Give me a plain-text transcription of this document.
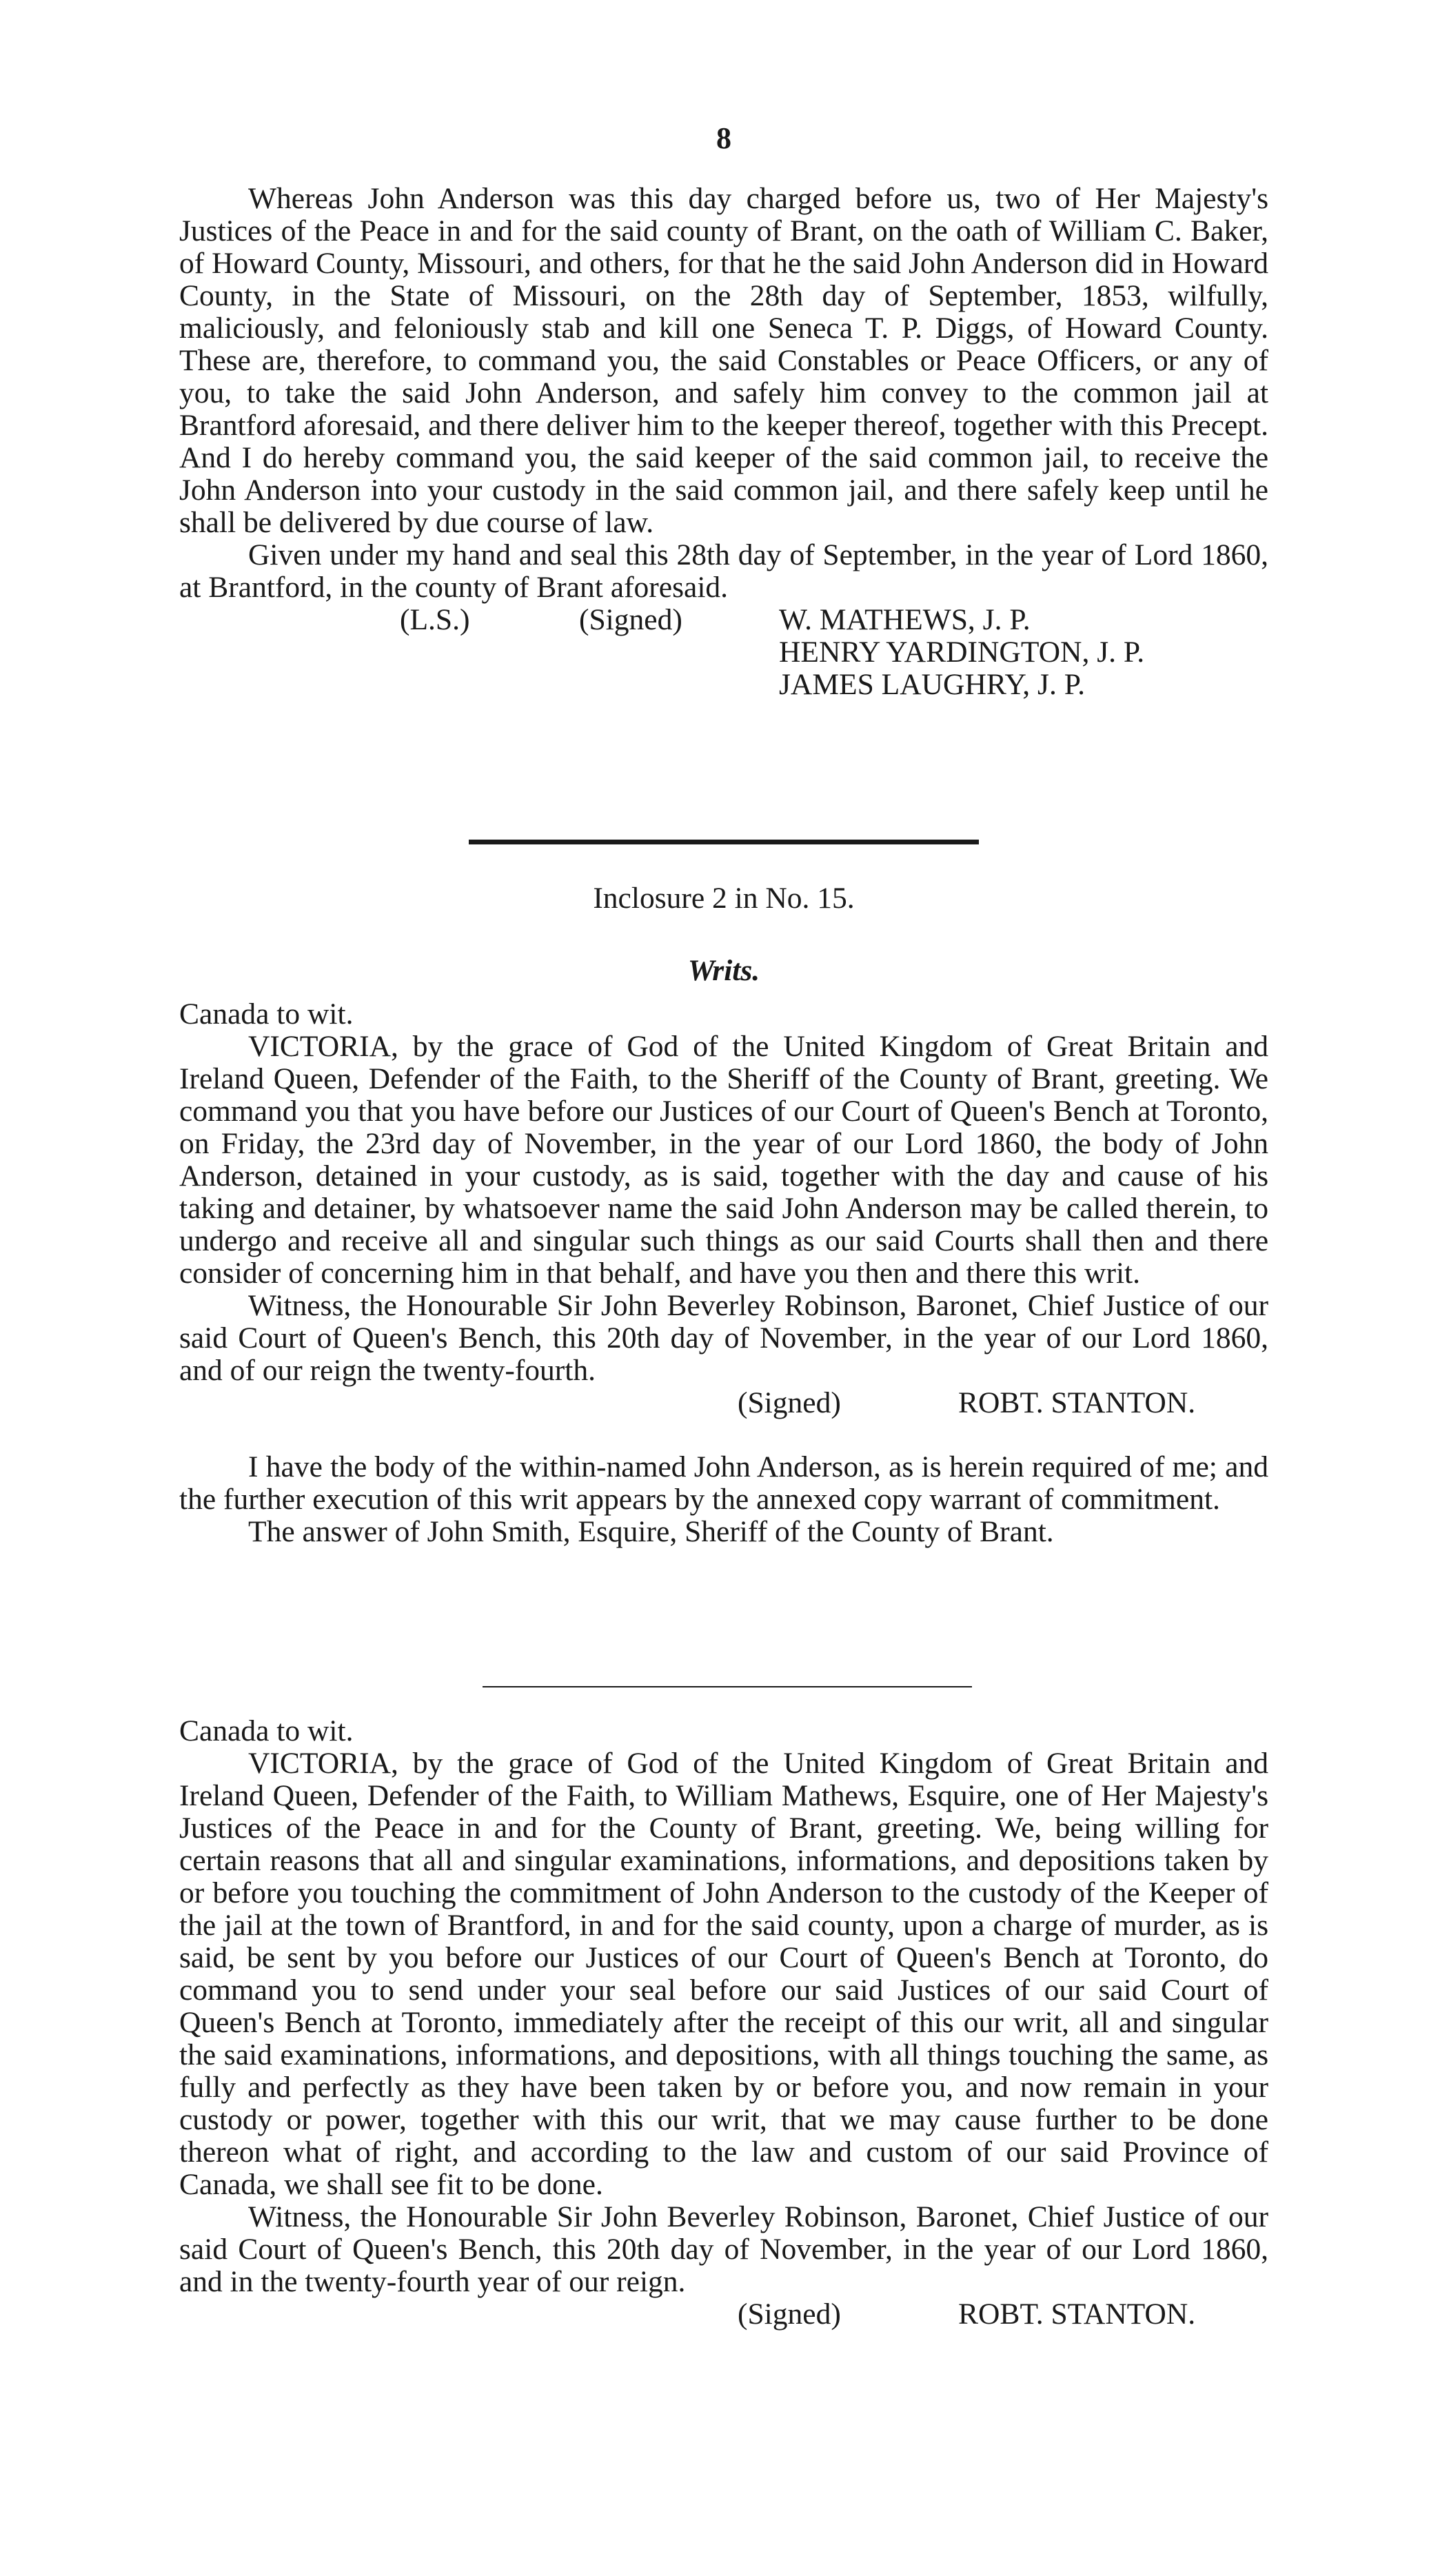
8

Whereas John Anderson was this day charged before us, two of Her Majesty's Justices of the Peace in and for the said county of Brant, on the oath of William C. Baker, of Howard County, Missouri, and others, for that he the said John Anderson did in Howard County, in the State of Missouri, on the 28th day of September, 1853, wilfully, maliciously, and feloniously stab and kill one Seneca T. P. Diggs, of Howard County. These are, therefore, to command you, the said Constables or Peace Officers, or any of you, to take the said John Anderson, and safely him convey to the common jail at Brantford aforesaid, and there deliver him to the keeper thereof, together with this Precept. And I do hereby command you, the said keeper of the said common jail, to receive the John Anderson into your custody in the said common jail, and there safely keep until he shall be delivered by due course of law.

Given under my hand and seal this 28th day of September, in the year of Lord 1860, at Brantford, in the county of Brant aforesaid.

(L.S.)	(Signed)	W. MATHEWS, J. P.
HENRY YARDINGTON, J. P.
JAMES LAUGHRY, J. P.
Inclosure 2 in No. 15.
Writs.

Canada to wit.

VICTORIA, by the grace of God of the United Kingdom of Great Britain and Ireland Queen, Defender of the Faith, to the Sheriff of the County of Brant, greeting. We command you that you have before our Justices of our Court of Queen's Bench at Toronto, on Friday, the 23rd day of November, in the year of our Lord 1860, the body of John Anderson, detained in your custody, as is said, together with the day and cause of his taking and detainer, by whatsoever name the said John Anderson may be called therein, to undergo and receive all and singular such things as our said Courts shall then and there consider of concerning him in that behalf, and have you then and there this writ.

Witness, the Honourable Sir John Beverley Robinson, Baronet, Chief Justice of our said Court of Queen's Bench, this 20th day of November, in the year of our Lord 1860, and of our reign the twenty-fourth.

(Signed)	ROBT. STANTON.

I have the body of the within-named John Anderson, as is herein required of me; and the further execution of this writ appears by the annexed copy warrant of commitment.

The answer of John Smith, Esquire, Sheriff of the County of Brant.

Canada to wit.

VICTORIA, by the grace of God of the United Kingdom of Great Britain and Ireland Queen, Defender of the Faith, to William Mathews, Esquire, one of Her Majesty's Justices of the Peace in and for the County of Brant, greeting. We, being willing for certain reasons that all and singular examinations, informations, and depositions taken by or before you touching the commitment of John Anderson to the custody of the Keeper of the jail at the town of Brantford, in and for the said county, upon a charge of murder, as is said, be sent by you before our Justices of our Court of Queen's Bench at Toronto, do command you to send under your seal before our said Justices of our said Court of Queen's Bench at Toronto, immediately after the receipt of this our writ, all and singular the said examinations, informations, and depositions, with all things touching the same, as fully and perfectly as they have been taken by or before you, and now remain in your custody or power, together with this our writ, that we may cause further to be done thereon what of right, and according to the law and custom of our said Province of Canada, we shall see fit to be done.

Witness, the Honourable Sir John Beverley Robinson, Baronet, Chief Justice of our said Court of Queen's Bench, this 20th day of November, in the year of our Lord 1860, and in the twenty-fourth year of our reign.

(Signed)	ROBT. STANTON.
